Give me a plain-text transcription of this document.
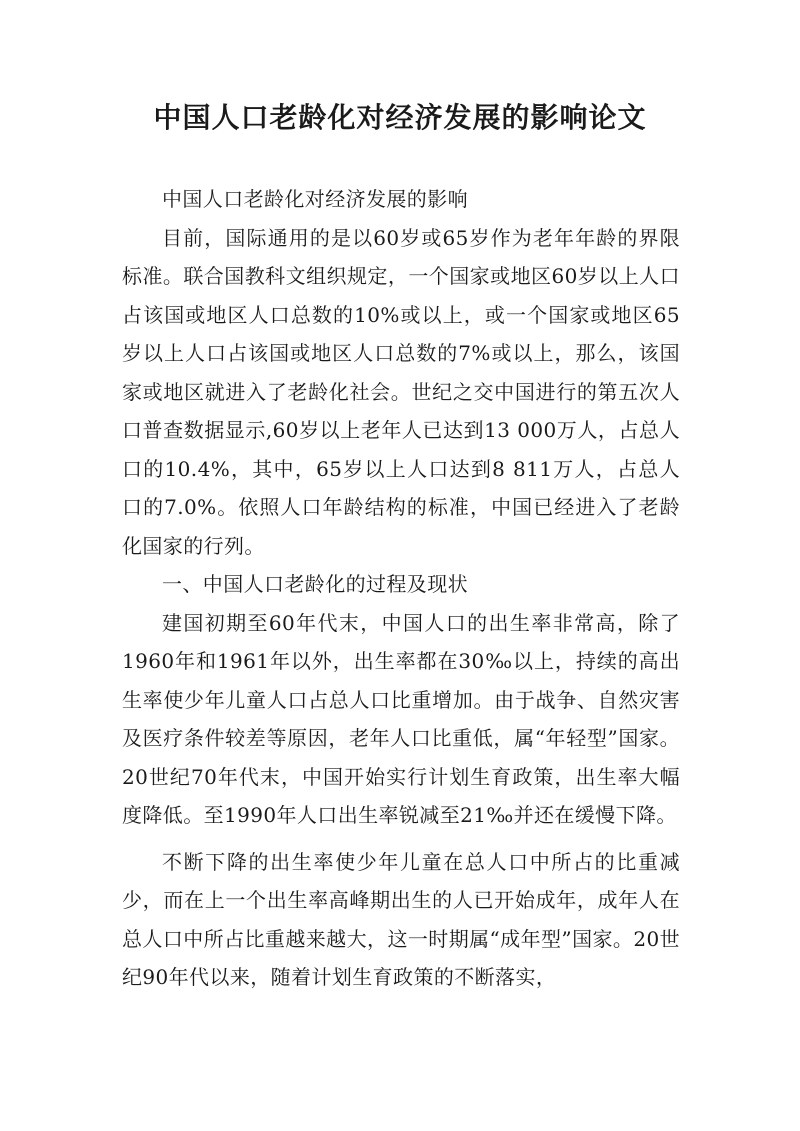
中国人口老龄化对经济发展的影响论文

中国人口老龄化对经济发展的影响

目前，国际通用的是以60岁或65岁作为老年年龄的界限标准。联合国教科文组织规定，一个国家或地区60岁以上人口占该国或地区人口总数的10%或以上，或一个国家或地区65岁以上人口占该国或地区人口总数的7%或以上，那么，该国家或地区就进入了老龄化社会。世纪之交中国进行的第五次人口普查数据显示,60岁以上老年人已达到13 000万人，占总人口的10.4%，其中，65岁以上人口达到8 811万人，占总人口的7.0%。依照人口年龄结构的标准，中国已经进入了老龄化国家的行列。

一、中国人口老龄化的过程及现状

建国初期至60年代末，中国人口的出生率非常高，除了1960年和1961年以外，出生率都在30‰以上，持续的高出生率使少年儿童人口占总人口比重增加。由于战争、自然灾害及医疗条件较差等原因，老年人口比重低，属“年轻型”国家。20世纪70年代末，中国开始实行计划生育政策，出生率大幅度降低。至1990年人口出生率锐减至21‰并还在缓慢下降。

不断下降的出生率使少年儿童在总人口中所占的比重减少，而在上一个出生率高峰期出生的人已开始成年，成年人在总人口中所占比重越来越大，这一时期属“成年型”国家。20世纪90年代以来，随着计划生育政策的不断落实，
